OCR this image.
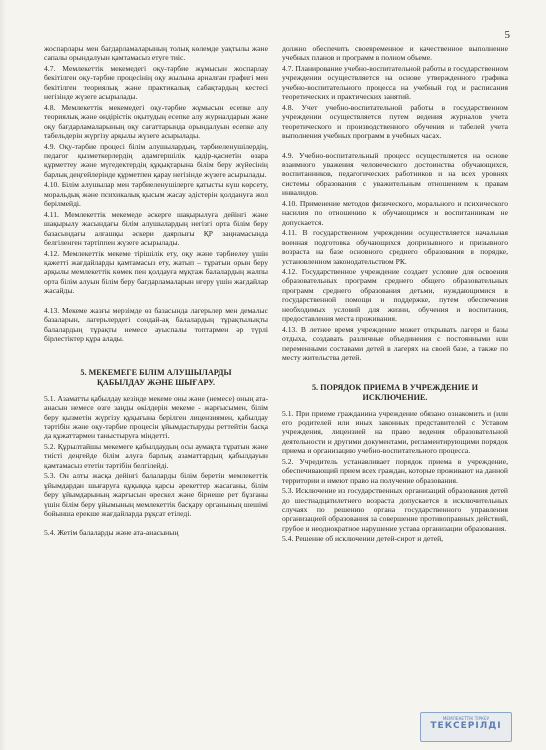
5

жоспарлары мен бағдарламаларының толық көлемде уақтылы және сапалы орындалуын қамтамасыз етуге тиіс.

4.7. Мемлекеттік мекемедегі оқу-тәрбие жұмысын жоспарлау бекітілген оқу-тәрбие процесінің оқу жылына арналған графигі мен бекітілген теориялық және практикалық сабақтардың кестесі негізінде жүзеге асырылады.

4.8. Мемлекеттік мекемедегі оқу-тәрбие жұмысын есепке алу теориялық және өндірістік оқытудың есепке алу журналдарын және оқу бағдарламаларының оқу сағаттарында орындалуын есепке алу табельдерін жүргізу арқылы жүзеге асырылады.

4.9. Оқу-тәрбие процесі білім алушылардың, тәрбиеленушілердің, педагог қызметкерлердің адамгершілік қадір-қасиетін өзара құрметтеу және мүгедектердің құқықтарына білім беру жүйесінің барлық деңгейлерінде құрметпен қарау негізінде жүзеге асырылады.

4.10. Білім алушылар мен тәрбиеленушілерге қатысты күш көрсету, моральдық және психикалық қысым жасау әдістерін қолдануға жол берілмейді.

4.11. Мемлекеттік мекемеде әскерге шақырылуға дейінгі және шақырылу жасындағы білім алушылардың негізгі орта білім беру базасындағы алғашқы әскери даярлығы ҚР заңнамасында белгіленген тәртіппен жүзеге асырылады.

4.12. Мемлекеттік мекеме тірішілік ету, оқу және тәрбиелеу үшін қажетті жағдайларды қамтамасыз ету, жатып – тұратын орын беру арқылы мемлекеттік көмек пен қолдауға мұқтаж балалардың жалпы орта білім алуын білім беру бағдарламаларын игеру үшін жағдайлар жасайды.

4.13. Мекеме жазғы мерзімде өз базасында лагерьлер мен демалыс базаларын, лагерьлердегі сондай-ақ балалардың тұрақтылықты балалардың тұрақты немесе ауыспалы топтармен әр түрлі бірлестіктер құра алады.

5. МЕКЕМЕГЕ БІЛІМ АЛУШЫЛАРДЫ
ҚАБЫЛДАУ ЖӘНЕ ШЫҒАРУ.

5.1. Азаматты қабылдау кезінде мекеме оны және (немесе) оның ата-анасын немесе өзге заңды өкілдерін мекеме - жарғысымен, білім беру қызметін жүргізу құқығына берілген лицензиямен, қабылдау тәртібін және оқу-тәрбие процесін ұйымдастыруды реттейтін басқа да құжаттармен таныстыруға міндетті.

5.2. Құрылтайшы мекемеге қабылдаудың осы аумақта тұратын және тиісті деңгейде білім алуға барлық азаматтардың қабылдауын қамтамасыз ететін тәртібін белгілейді.

5.3. Он алты жасқа дейінгі балаларды білім беретін мемлекеттік ұйымдардан шығаруға құқыққа қарсы әрекеттер жасағаны, білім беру ұйымдарының жарғысын өрескел және бірнеше рет бұзғаны үшін білім беру ұйымының мемлекеттік басқару органының шешімі бойынша ерекше жағдайларда рұқсат етіледі.

5.4. Жетім балаларды және ата-анасының

должно обеспечить своевременное и качественное выполнение учебных планов и программ в полном объеме.

4.7. Планирование учебно-воспитательной работы в государственном учреждении осуществляется на основе утвержденного графика учебно-воспитательного процесса на учебный год и расписания теоретических и практических занятий.

4.8. Учет учебно-воспитательной работы в государственном учреждении осуществляется путем ведения журналов учета теоретического и производственного обучения и табелей учета выполнения учебных программ в учебных часах.

4.9. Учебно-воспитательный процесс осуществляется на основе взаимного уважения человеческого достоинства обучающихся, воспитанников, педагогических работников и на всех уровнях системы образования с уважительным отношением к правам инвалидов.

4.10. Применение методов физического, морального и психического насилия по отношению к обучающимся и воспитанникам не допускается.

4.11. В государственном учреждении осуществляется начальная военная подготовка обучающихся допризывного и призывного возраста на базе основного среднего образования в порядке, установленном законодательством РК.

4.12. Государственное учреждение создает условие для освоения образовательных программ среднего общего образовательных программ среднего образования детьми, нуждающимися в государственной помощи и поддержке, путем обеспечения необходимых условий для жизни, обучения и воспитания, предоставления места проживания.

4.13. В летнее время учреждение может открывать лагеря и базы отдыха, создавать различные объединения с постоянными или переменными составами детей в лагерях на своей базе, а также по месту жительства детей.

5. ПОРЯДОК ПРИЕМА В УЧРЕЖДЕНИЕ И
ИСКЛЮЧЕНИЕ.

5.1. При приеме гражданина учреждение обязано ознакомить и (или его родителей или иных законных представителей с Уставом учреждения, лицензией на право ведения образовательной деятельности и другими документами, регламентирующими порядок приема и организацию учебно-воспитательного процесса.

5.2. Учредитель устанавливает порядок приема в учреждение, обеспечивающий прием всех граждан, которые проживают на данной территории и имеют право на получение образования.

5.3. Исключение из государственных организаций образования детей до шестнадцатилетнего возраста допускается в исключительных случаях по решению органа государственного управления организацией образования за совершение противоправных действий, грубое и неоднократное нарушение устава организации образования.

5.4. Решение об исключении детей-сирот и детей,

МЕМЛЕКЕТТІК ТІРКЕУ
ТЕКСЕРІЛДІ
